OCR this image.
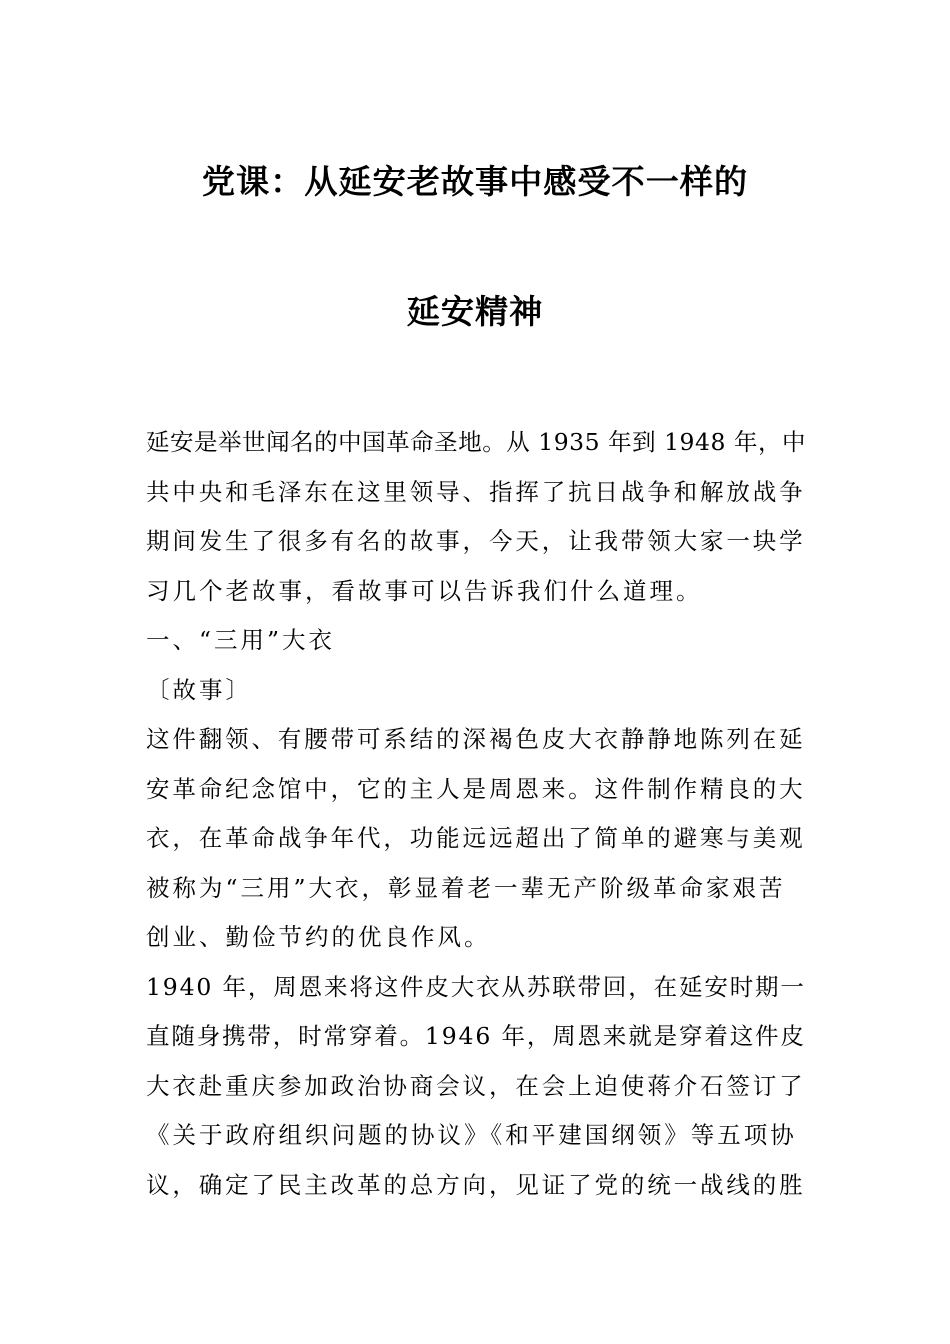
党课：从延安老故事中感受不一样的
延安精神
延安是举世闻名的中国革命圣地。从 1935 年到 1948 年，中
共中央和毛泽东在这里领导、指挥了抗日战争和解放战争
期间发生了很多有名的故事，今天，让我带领大家一块学
习几个老故事，看故事可以告诉我们什么道理。
一、“三用”大衣
〔故事〕
这件翻领、有腰带可系结的深褐色皮大衣静静地陈列在延
安革命纪念馆中，它的主人是周恩来。这件制作精良的大
衣，在革命战争年代，功能远远超出了简单的避寒与美观
被称为“三用”大衣，彰显着老一辈无产阶级革命家艰苦
创业、勤俭节约的优良作风。
1940 年，周恩来将这件皮大衣从苏联带回，在延安时期一
直随身携带，时常穿着。1946 年，周恩来就是穿着这件皮
大衣赴重庆参加政治协商会议，在会上迫使蒋介石签订了
《关于政府组织问题的协议》《和平建国纲领》等五项协
议，确定了民主改革的总方向，见证了党的统一战线的胜
